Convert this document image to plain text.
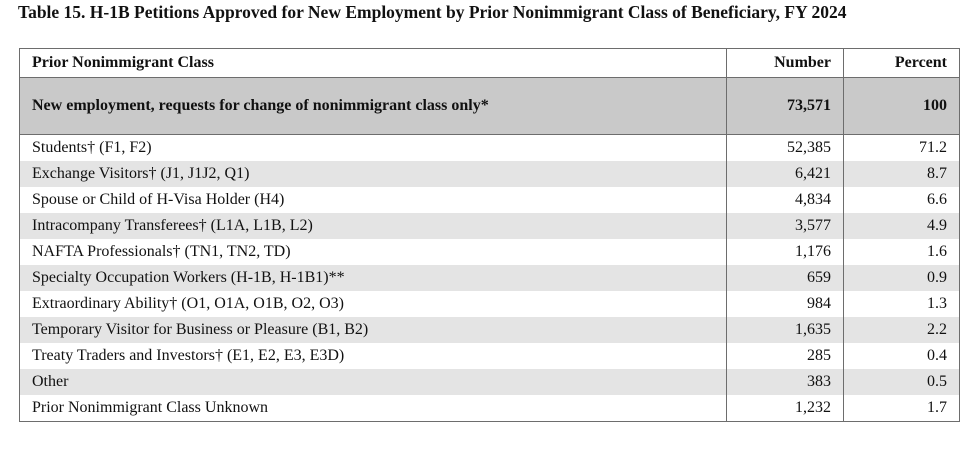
Table 15. H-1B Petitions Approved for New Employment by Prior Nonimmigrant Class of Beneficiary, FY 2024
Prior Nonimmigrant Class	Number	Percent
New employment, requests for change of nonimmigrant class only*	73,571	100
Students† (F1, F2)	52,385	71.2
Exchange Visitors† (J1, J1J2, Q1)	6,421	8.7
Spouse or Child of H-Visa Holder (H4)	4,834	6.6
Intracompany Transferees† (L1A, L1B, L2)	3,577	4.9
NAFTA Professionals† (TN1, TN2, TD)	1,176	1.6
Specialty Occupation Workers (H-1B, H-1B1)**	659	0.9
Extraordinary Ability† (O1, O1A, O1B, O2, O3)	984	1.3
Temporary Visitor for Business or Pleasure (B1, B2)	1,635	2.2
Treaty Traders and Investors† (E1, E2, E3, E3D)	285	0.4
Other	383	0.5
Prior Nonimmigrant Class Unknown	1,232	1.7
